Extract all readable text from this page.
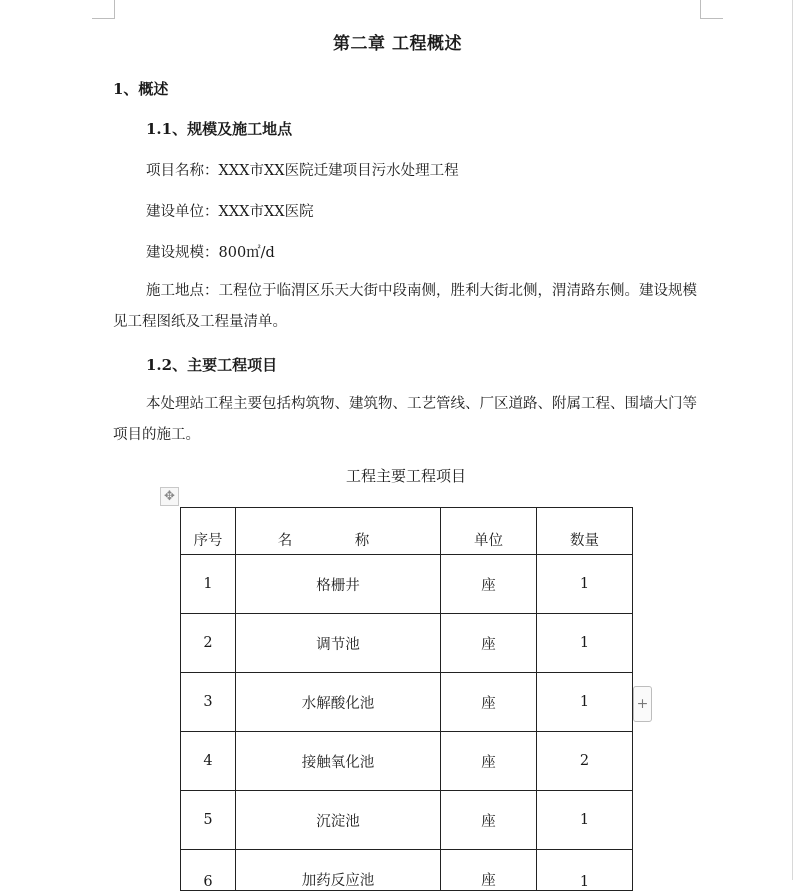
第二章 工程概述
1、概述
1.1、规模及施工地点
项目名称：XXX市XX医院迁建项目污水处理工程
建设单位：XXX市XX医院
建设规模：800㎡/d
施工地点：工程位于临渭区乐天大街中段南侧，胜利大街北侧，渭清路东侧。建设规模
见工程图纸及工程量清单。
1.2、主要工程项目
本处理站工程主要包括构筑物、建筑物、工艺管线、厂区道路、附属工程、围墙大门等
项目的施工。
工程主要工程项目
✥
序号	名 称	单位	数量
1	格栅井	座	1
2	调节池	座	1
3	水解酸化池	座	1
4	接触氧化池	座	2
5	沉淀池	座	1
6	加药反应池	座	1
+
